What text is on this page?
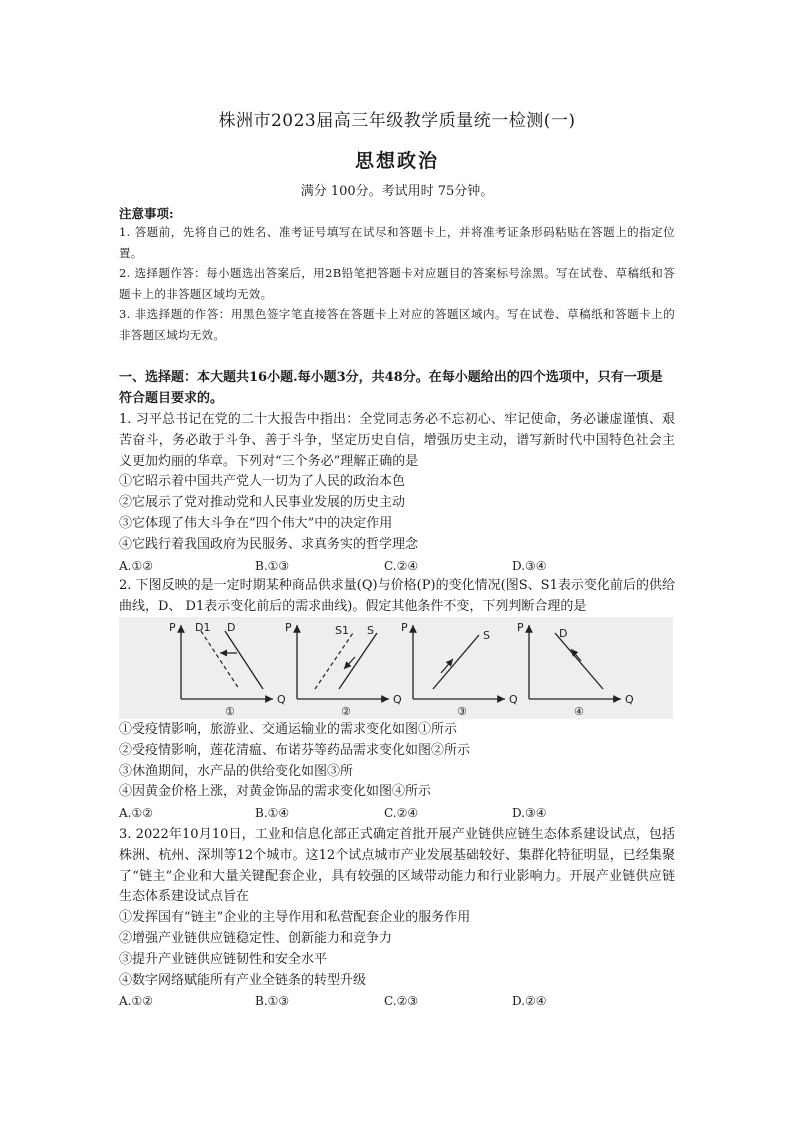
株洲市2023届高三年级教学质量统一检测(一)
思想政治
满分 100分。考试用时 75分钟。
注意事项:

1. 答题前，先将自己的姓名、准考证号填写在试尽和答题卡上，并将准考证条形码粘贴在答题上的指定位置。

2. 选择题作答：每小题选出答案后，用2B铅笔把答题卡对应题目的答案标号涂黑。写在试卷、草稿纸和答题卡上的非答题区域均无效。

3. 非选择题的作答：用黑色签字笔直接答在答题卡上对应的答题区域内。写在试卷、草稿纸和答题卡上的非答题区域均无效。

一、选择题：本大题共16小题.每小题3分，共48分。在每小题给出的四个选项中，只有一项是符合题目要求的。

1. 习平总书记在党的二十大报告中指出：全党同志务必不忘初心、牢记使命，务必谦虚谨慎、艰苦奋斗，务必敢于斗争、善于斗争，坚定历史自信，增强历史主动，谱写新时代中国特色社会主义更加灼丽的华章。下列对“三个务必”理解正确的是

①它昭示着中国共产党人一切为了人民的政治本色

②它展示了党对推动党和人民事业发展的历史主动

③它体现了伟大斗争在“四个伟大”中的决定作用

④它践行着我国政府为民服务、求真务实的哲学理念

A.①②	B.①③	C.②④	D.③④

2. 下图反映的是一定时期某种商品供求量(Q)与价格(P)的变化情况(图S、S1表示变化前后的供给曲线，D、 D1表示变化前后的需求曲线)。假定其他条件不变，下列判断合理的是

P
Q
D1 D
①
P
Q
S1 S
②
P
Q
S
③
P
Q
D
④

①受疫情影响，旅游业、交通运输业的需求变化如图①所示

②受疫情影响，莲花清瘟、布诺芬等药品需求变化如图②所示

③休渔期间，水产品的供给变化如图③所

④因黄金价格上涨，对黄金饰品的需求变化如图④所示

A.①②	B.①④	C.②④	D.③④

3. 2022年10月10日，工业和信息化部正式确定首批开展产业链供应链生态体系建设试点，包括株洲、杭州、深圳等12个城市。这12个试点城市产业发展基础较好、集群化特征明显，已经集聚了“链主”企业和大量关键配套企业，具有较强的区域带动能力和行业影响力。开展产业链供应链生态体系建设试点旨在

①发挥国有“链主”企业的主导作用和私营配套企业的服务作用

②增强产业链供应链稳定性、创新能力和竞争力

③提升产业链供应链韧性和安全水平

④数字网络赋能所有产业全链条的转型升级

A.①②	B.①③	C.②③	D.②④
